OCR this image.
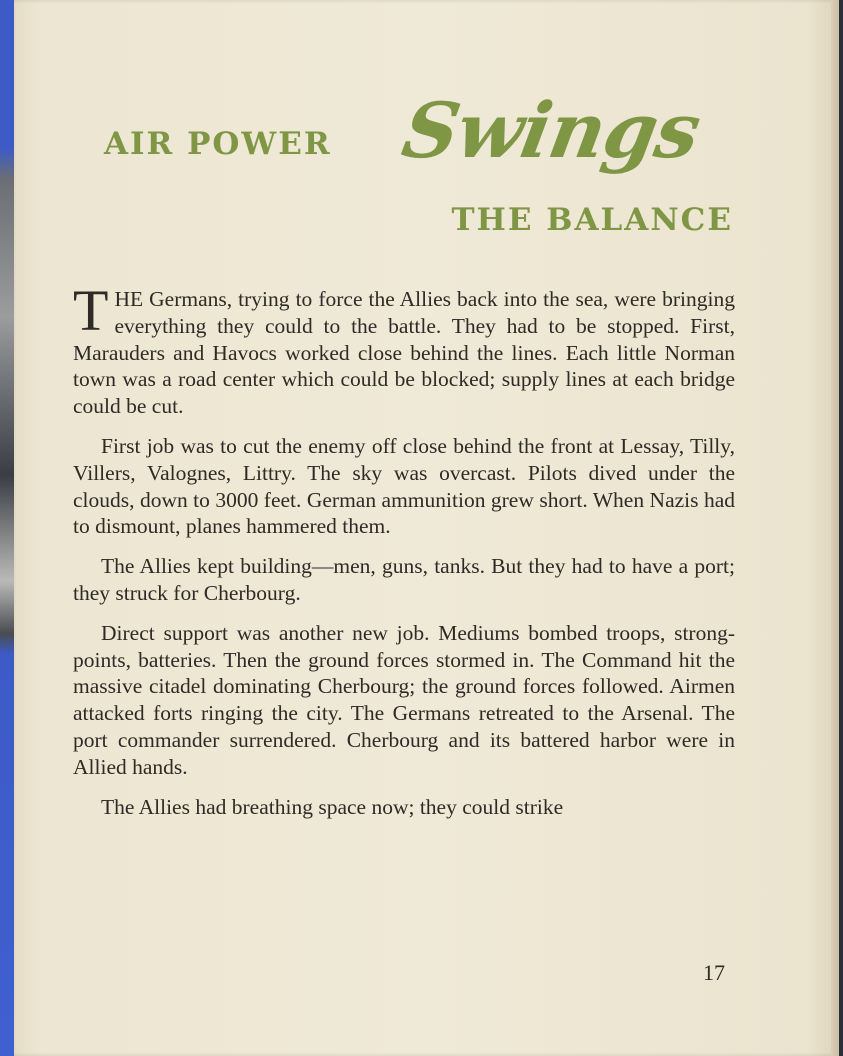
AIR POWER Swings
THE BALANCE

THE Germans, trying to force the Allies back into the sea, were bringing everything they could to the battle. They had to be stopped. First, Marauders and Havocs worked close behind the lines. Each little Norman town was a road center which could be blocked; supply lines at each bridge could be cut.

First job was to cut the enemy off close behind the front at Lessay, Tilly, Villers, Valognes, Littry. The sky was overcast. Pilots dived under the clouds, down to 3000 feet. German ammunition grew short. When Nazis had to dismount, planes hammered them.

The Allies kept building—men, guns, tanks. But they had to have a port; they struck for Cherbourg.

Direct support was another new job. Mediums bombed troops, strong-points, batteries. Then the ground forces stormed in. The Command hit the massive citadel dominating Cherbourg; the ground forces followed. Airmen attacked forts ringing the city. The Germans retreated to the Arsenal. The port commander surrendered. Cherbourg and its battered harbor were in Allied hands.

The Allies had breathing space now; they could strike

17
